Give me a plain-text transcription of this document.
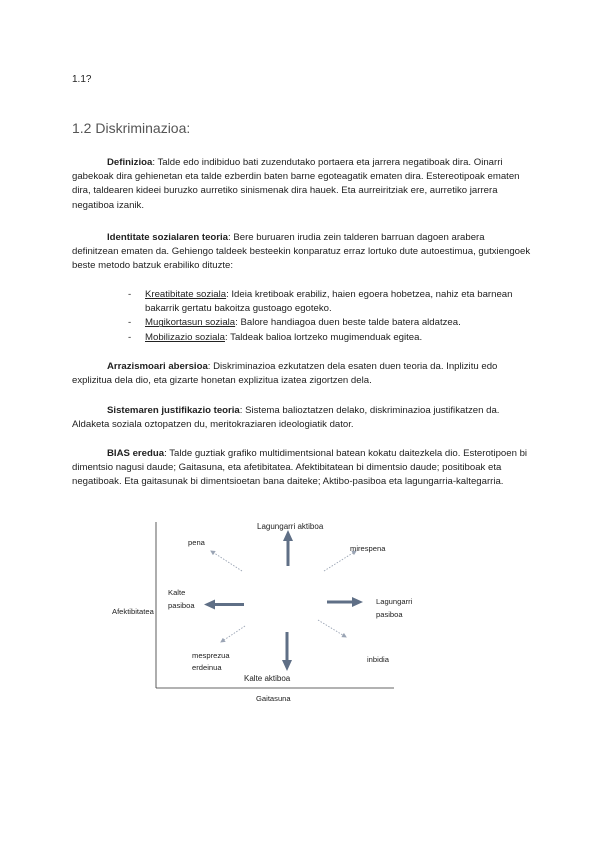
1.1?
1.2 Diskriminazioa:

Definizioa: Talde edo indibiduo bati zuzendutako portaera eta jarrera negatiboak dira. Oinarri gabekoak dira gehienetan eta talde ezberdin baten barne egoteagatik ematen dira. Estereotipoak ematen dira, taldearen kideei buruzko aurretiko sinismenak dira hauek. Eta aurreiritziak ere, aurretiko jarrera negatiboa izanik.

Identitate sozialaren teoria: Bere buruaren irudia zein talderen barruan dagoen arabera definitzean ematen da. Gehiengo taldeek besteekin konparatuz erraz lortuko dute autoestimua, gutxiengoek beste metodo batzuk erabiliko dituzte:

- Kreatibitate soziala: Ideia kretiboak erabiliz, haien egoera hobetzea, nahiz eta barnean bakarrik gertatu bakoitza gustoago egoteko.
- Mugikortasun soziala: Balore handiagoa duen beste talde batera aldatzea.
- Mobilizazio soziala: Taldeak balioa lortzeko mugimenduak egitea.

Arrazismoari abersioa: Diskriminazioa ezkutatzen dela esaten duen teoria da. Inplizitu edo explizitua dela dio, eta gizarte honetan explizitua izatea zigortzen dela.

Sistemaren justifikazio teoria: Sistema balioztatzen delako, diskriminazioa justifikatzen da. Aldaketa soziala oztopatzen du, meritokraziaren ideologiatik dator.

BIAS eredua: Talde guztiak grafiko multidimentsional batean kokatu daitezkela dio. Esterotipoen bi dimentsio nagusi daude; Gaitasuna, eta afetibitatea. Afektibitatean bi dimentsio daude; positiboak eta negatiboak. Eta gaitasunak bi dimentsioetan bana daiteke; Aktibo-pasiboa eta lagungarria-kaltegarria.

Lagungarri aktiboa
Kalte aktiboa
Kalte
pasiboa	Lagungarri
pasiboa
pena
mirespena
mesprezua
erdeinua
inbidia
Afektibitatea
Gaitasuna
